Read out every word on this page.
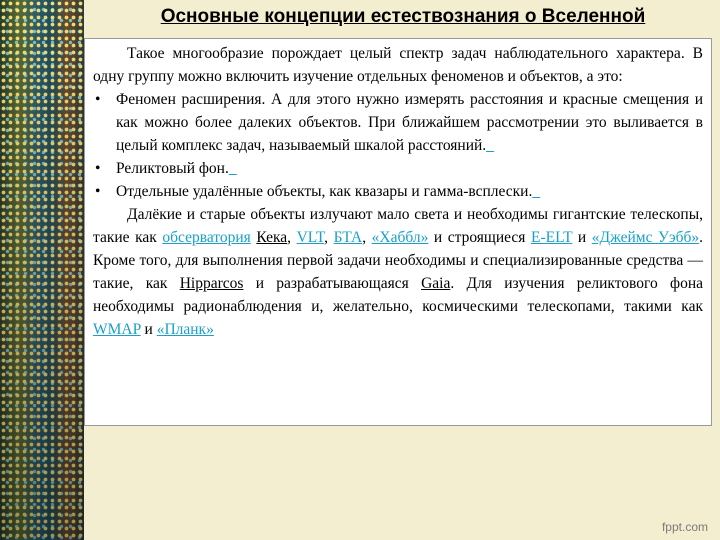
Основные концепции естествознания о Вселенной

Такое многообразие порождает целый спектр задач наблюдательного характера. В одну группу можно включить изучение отдельных феноменов и объектов, а это:

• Феномен расширения. А для этого нужно измерять расстояния и красные смещения и как можно более далеких объектов. При ближайшем рассмотрении это выливается в целый комплекс задач, называемый шкалой расстояний._
• Реликтовый фон._
• Отдельные удалённые объекты, как квазары и гамма-всплески._

Далёкие и старые объекты излучают мало света и необходимы гигантские телескопы, такие как обсерватория Кека, VLT, БТА, «Хаббл» и строящиеся E-ELT и «Джеймс Уэбб». Кроме того, для выполнения первой задачи необходимы и специализированные средства — такие, как Hipparcos и разрабатывающаяся Gaia. Для изучения реликтового фона необходимы радионаблюдения и, желательно, космическими телескопами, такими как WMAP и «Планк»

fppt.com
